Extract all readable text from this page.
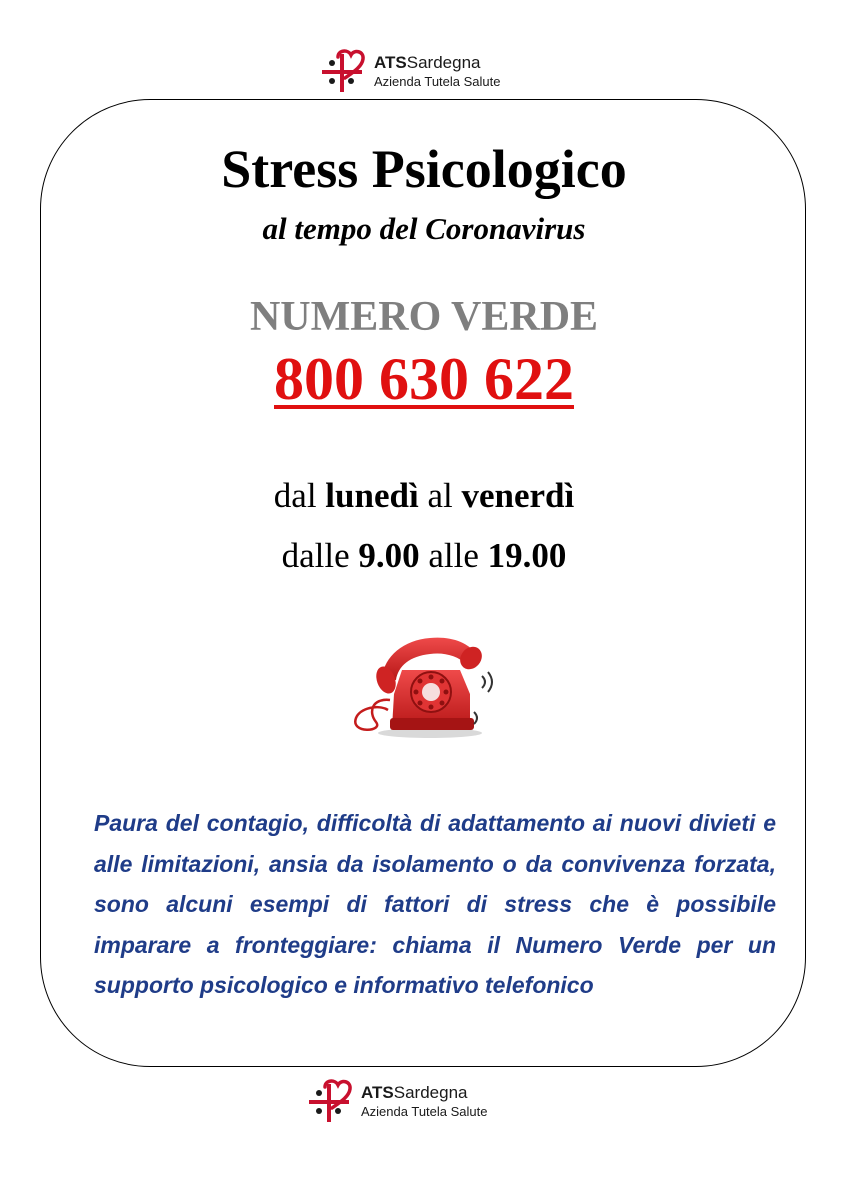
ATSSardegna
Azienda Tutela Salute
Stress Psicologico
al tempo del Coronavirus
NUMERO VERDE
800 630 622
dal lunedì al venerdì
dalle 9.00 alle 19.00
Paura del contagio, difficoltà di adattamento ai nuovi divieti e alle limitazioni, ansia da isolamento o da convivenza forzata, sono alcuni esempi di fattori di stress che è possibile imparare a fronteggiare: chiama il Numero Verde per un supporto psicologico e informativo telefonico
ATSSardegna
Azienda Tutela Salute
